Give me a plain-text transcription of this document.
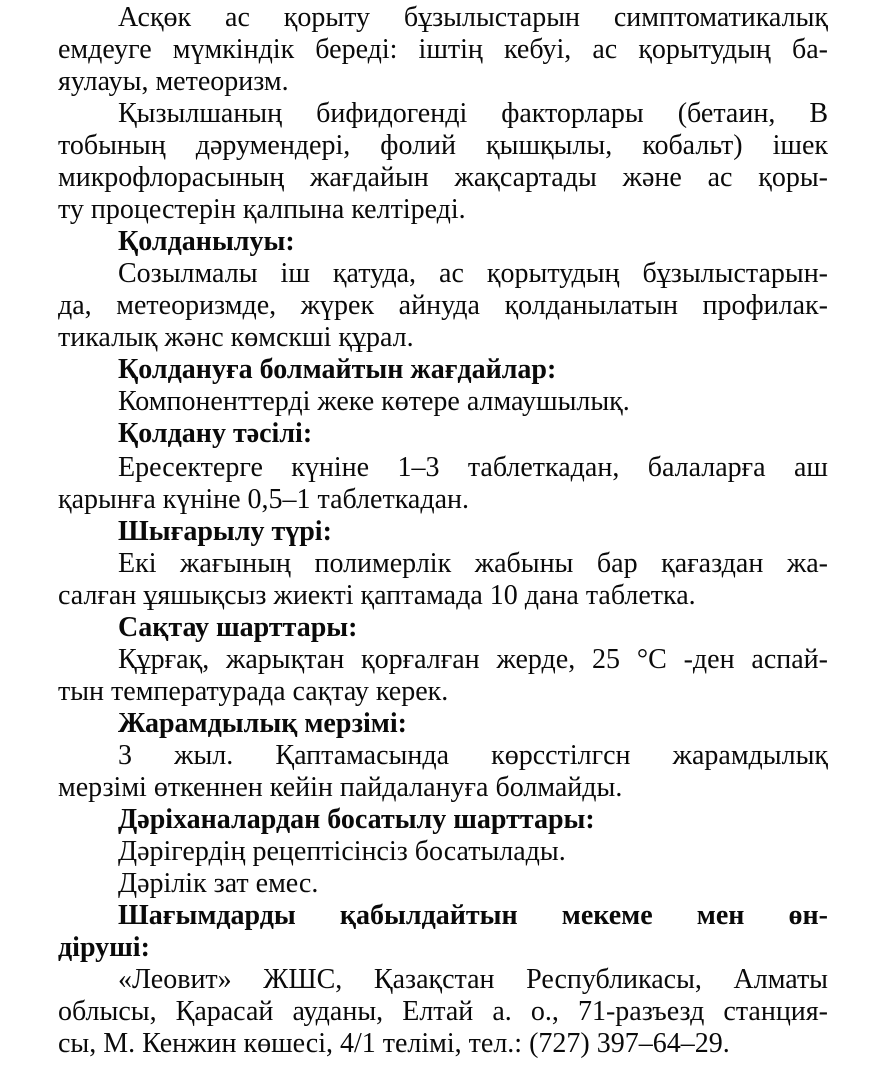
Асқөк ас қорыту бұзылыстарын симптоматикалық
емдеуге мүмкіндік береді: іштің кебуі, ас қорытудың ба-
яулауы, метеоризм.
Қызылшаның бифидогенді факторлары (бетаин, В
тобының дәрумендері, фолий қышқылы, кобальт) ішек
микрофлорасының жағдайын жақсартады және ас қоры-
ту процестерін қалпына келтіреді.
Қолданылуы:
Созылмалы іш қатуда, ас қорытудың бұзылыстарын-
да, метеоризмде, жүрек айнуда қолданылатын профилак-
тикалық жәнс көмскші құрал.
Қолдануға болмайтын жағдайлар:
Компоненттерді жеке көтере алмаушылық.
Қолдану тәсілі:
Ересектерге күніне 1–3 таблеткадан, балаларға аш
қарынға күніне 0,5–1 таблеткадан.
Шығарылу түрі:
Екі жағының полимерлік жабыны бар қағаздан жа-
салған ұяшықсыз жиекті қаптамада 10 дана таблетка.
Сақтау шарттары:
Құрғақ, жарықтан қорғалған жерде, 25 °С -ден аспай-
тын температурада сақтау керек.
Жарамдылық мерзімі:
3 жыл. Қаптамасында көрсстілгсн жарамдылық
мерзімі өткеннен кейін пайдалануға болмайды.
Дәріханалардан босатылу шарттары:
Дәрігердің рецептісінсіз босатылады.
Дәрілік зат емес.
Шағымдарды қабылдайтын мекеме мен өн-
діруші:
«Леовит» ЖШС, Қазақстан Республикасы, Алматы
облысы, Қарасай ауданы, Елтай а. о., 71-разъезд станция-
сы, М. Кенжин көшесі, 4/1 телімі, тел.: (727) 397–64–29.
